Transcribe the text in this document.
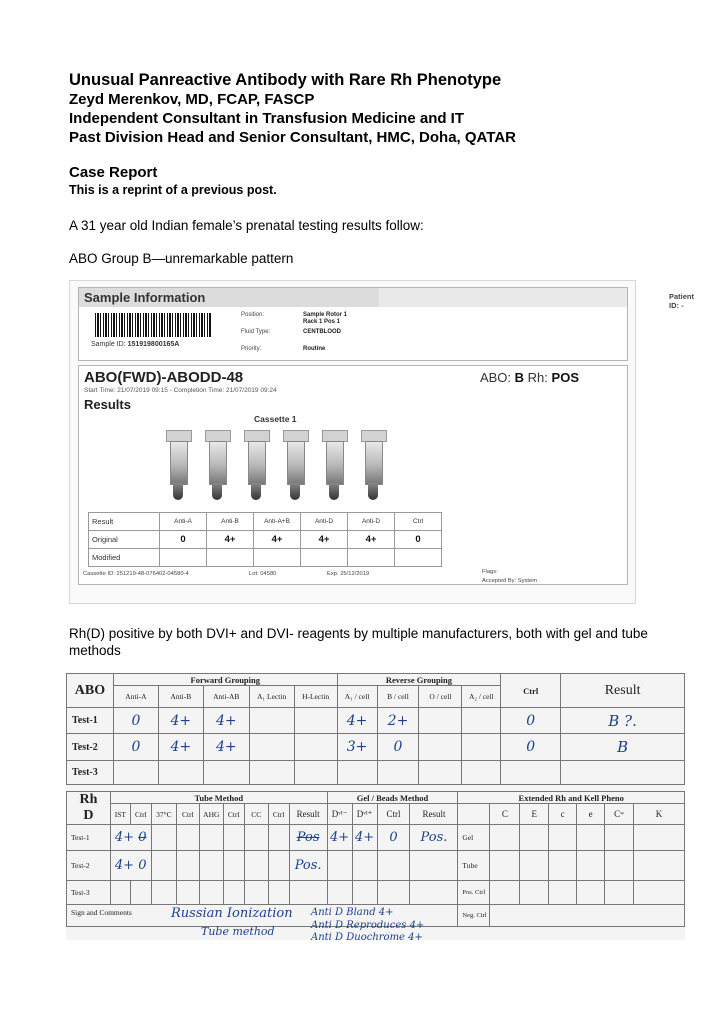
Unusual Panreactive Antibody with Rare Rh Phenotype
Zeyd Merenkov, MD, FCAP, FASCP
Independent Consultant in Transfusion Medicine and IT
Past Division Head and Senior Consultant, HMC, Doha, QATAR
Case Report
This is a reprint of a previous post.
A 31 year old Indian female’s prenatal testing results follow:
ABO Group B—unremarkable pattern
Sample Information	Patient ID: -
Sample ID: 151919800165A
Position:	Sample Rotor 1
Rack 1 Pos 1
Fluid Type:	CENTBLOOD
Priority:	Routine
ABO(FWD)-ABODD-48	ABO: B Rh: POS
Start Time: 21/07/2019 09:15 - Completion Time: 21/07/2019 09:24
Results
Cassette 1
Result	Anti-A	Anti-B	Anti-A+B	Anti-D	Anti-D	Ctrl
Original	0	4+	4+	4+	4+	0
Modified						
Cassette ID: 251219-48-076402-04580-4	Lot: 04580	Exp. 25/12/2019	Flags:
Accepted By: System
Rh(D) positive by both DVI+ and DVI- reagents by multiple manufacturers, both with gel and tube methods
ABO	Forward Grouping					Reverse Grouping				Ctrl	Result
	Anti-A	Anti-B	Anti-AB	A₁ Lectin	H-Lectin	A₁ / cell	B / cell	O / cell	A₂ / cell		
Test-1	0	4+	4+			4+	2+			0	B ?.
Test-2	0	4+	4+			3+	0			0	B
Test-3											
Rh
D	Tube Method									Gel / Beads Method				Extended Rh and Kell Pheno						
	IST	Ctrl	37°C	Ctrl	AHG	Ctrl	CC	Ctrl	Result	Dᵛᴵ⁻	Dᵛᴵ⁺	Ctrl	Result		C	E	c	e	Cʷ	K
Test-1	4+ 0								Pos	4+	4+	0	Pos.	Gel						
Test-2	4+ 0								Pos.					Tube						
Test-3														Pos. Ctrl						
Sign and Comments														Neg. Ctrl						
Russian Ionization
Tube method
Anti D Bland 4+
Anti D Reproduces 4+
Anti D Duochrome 4+
